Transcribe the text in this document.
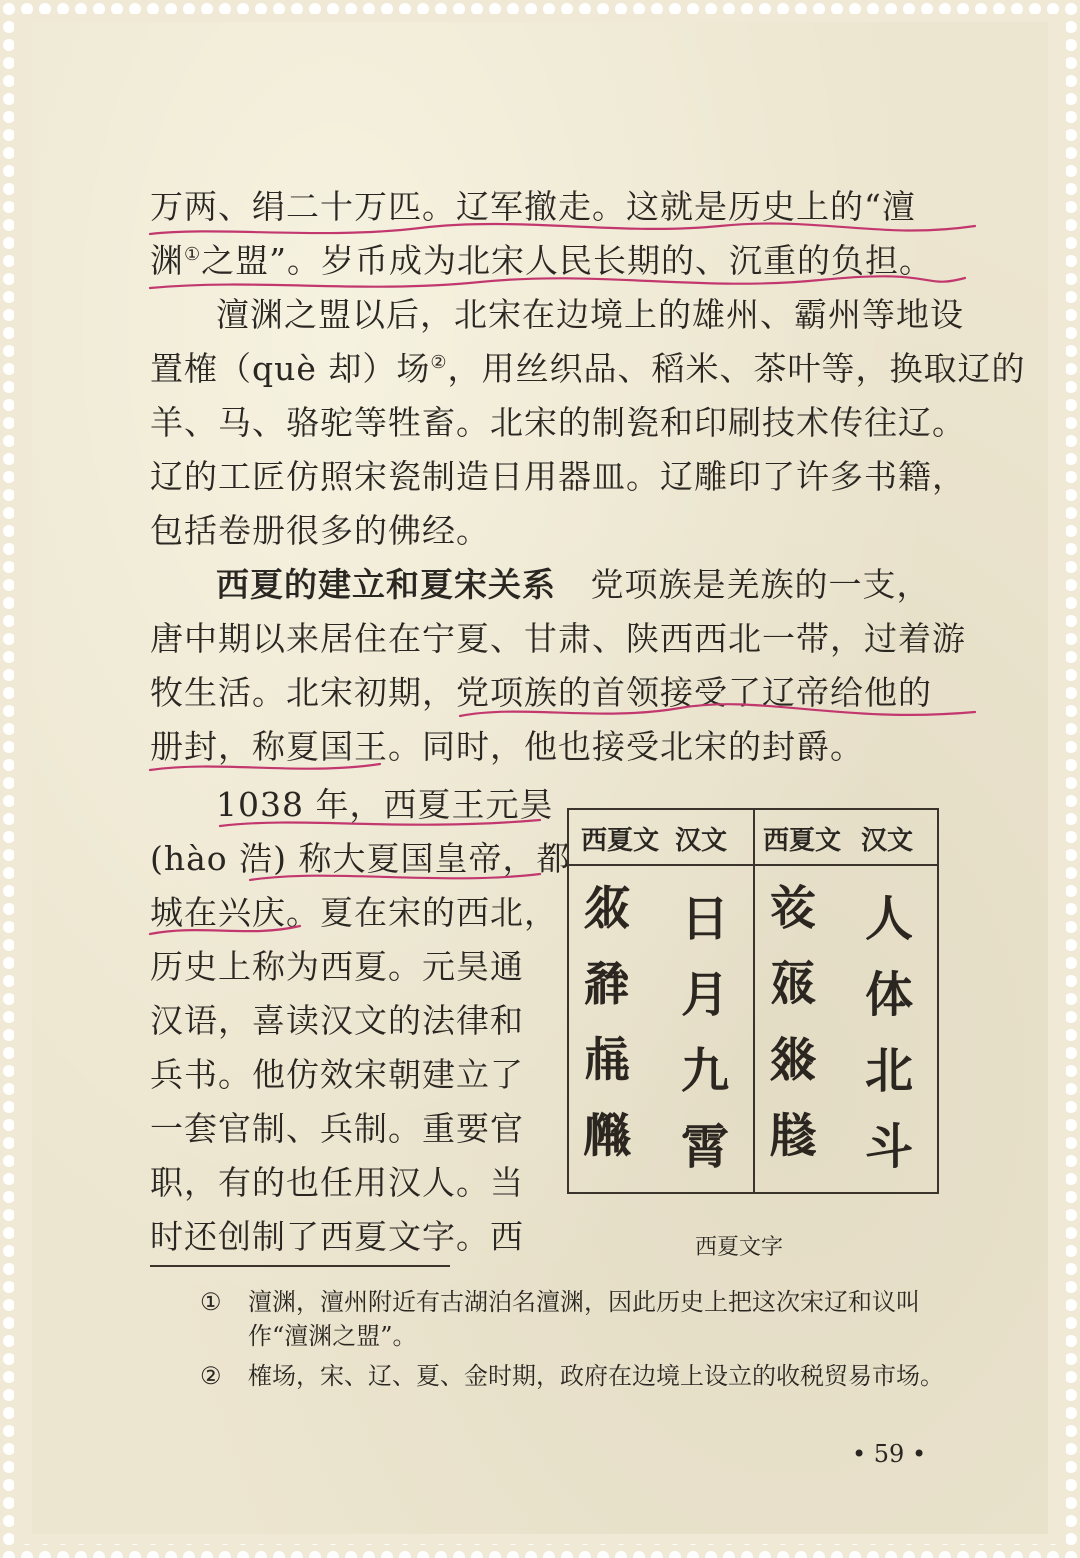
万两、绢二十万匹。辽军撤走。这就是历史上的“澶
渊①之盟”。岁币成为北宋人民长期的、沉重的负担。
澶渊之盟以后，北宋在边境上的雄州、霸州等地设
置榷（què 却）场②，用丝织品、稻米、茶叶等，换取辽的
羊、马、骆驼等牲畜。北宋的制瓷和印刷技术传往辽。
辽的工匠仿照宋瓷制造日用器皿。辽雕印了许多书籍，
包括卷册很多的佛经。
西夏的建立和夏宋关系 党项族是羌族的一支，
唐中期以来居住在宁夏、甘肃、陕西西北一带，过着游
牧生活。北宋初期，党项族的首领接受了辽帝给他的
册封，称夏国王。同时，他也接受北宋的封爵。
1038 年，西夏王元昊
(hào 浩) 称大夏国皇帝，都
城在兴庆。夏在宋的西北，
历史上称为西夏。元昊通
汉语，喜读汉文的法律和
兵书。他仿效宋朝建立了
一套官制、兵制。重要官
职，有的也任用汉人。当
时还创制了西夏文字。西
西夏文 汉文 西夏文 汉文
𗼇
𗴂
𗍫
𗆼
日
月
九
霄
𘝞
𗡞
𗾟
𗹦
人
体
北
斗
西夏文字
① 澶渊，澶州附近有古湖泊名澶渊，因此历史上把这次宋辽和议叫作“澶渊之盟”。
② 榷场，宋、辽、夏、金时期，政府在边境上设立的收税贸易市场。
• 59 •
